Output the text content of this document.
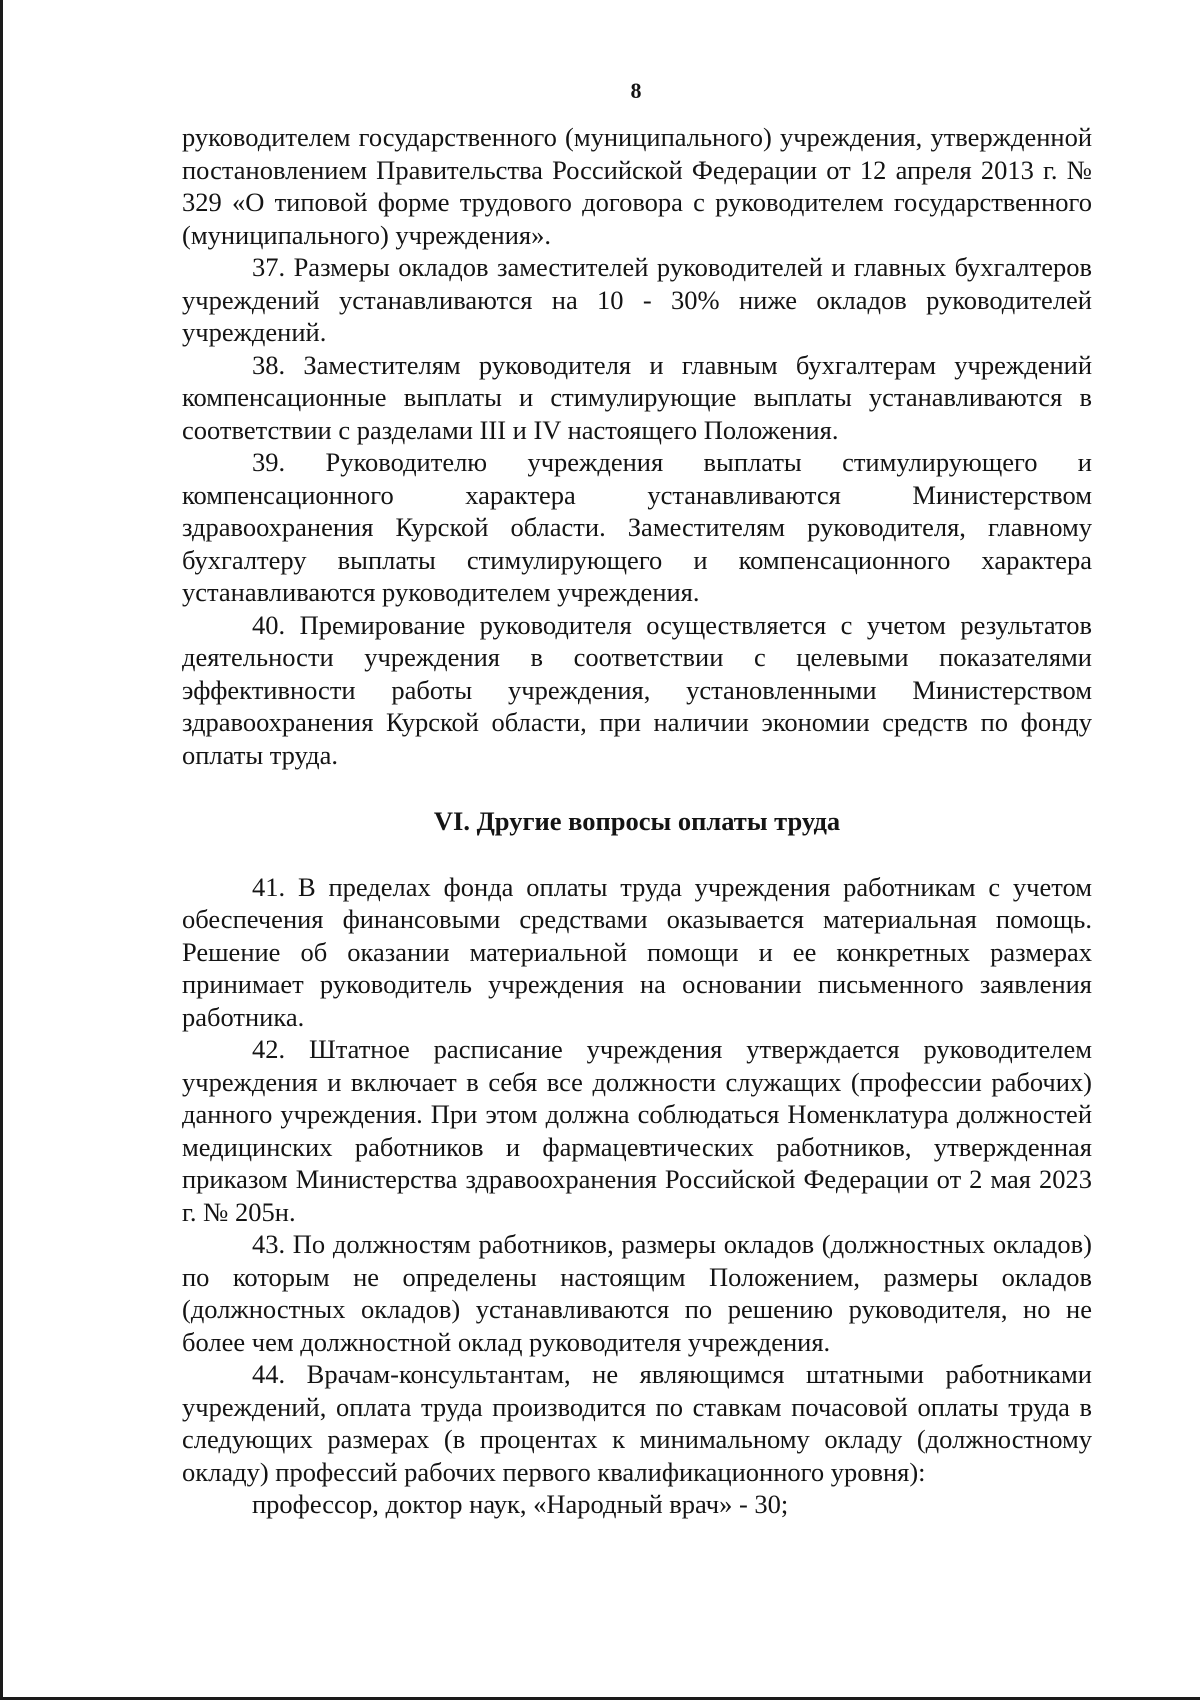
8

руководителем государственного (муниципального) учреждения, утвержденной постановлением Правительства Российской Федерации от 12 апреля 2013 г. № 329 «О типовой форме трудового договора с руководителем государственного (муниципального) учреждения».

37. Размеры окладов заместителей руководителей и главных бухгалтеров учреждений устанавливаются на 10 - 30% ниже окладов руководителей учреждений.

38. Заместителям руководителя и главным бухгалтерам учреждений компенсационные выплаты и стимулирующие выплаты устанавливаются в соответствии с разделами III и IV настоящего Положения.

39. Руководителю учреждения выплаты стимулирующего и компенсационного характера устанавливаются Министерством здравоохранения Курской области. Заместителям руководителя, главному бухгалтеру выплаты стимулирующего и компенсационного характера устанавливаются руководителем учреждения.

40. Премирование руководителя осуществляется с учетом результатов деятельности учреждения в соответствии с целевыми показателями эффективности работы учреждения, установленными Министерством здравоохранения Курской области, при наличии экономии средств по фонду оплаты труда.

VI. Другие вопросы оплаты труда

41. В пределах фонда оплаты труда учреждения работникам с учетом обеспечения финансовыми средствами оказывается материальная помощь. Решение об оказании материальной помощи и ее конкретных размерах принимает руководитель учреждения на основании письменного заявления работника.

42. Штатное расписание учреждения утверждается руководителем учреждения и включает в себя все должности служащих (профессии рабочих) данного учреждения. При этом должна соблюдаться Номенклатура должностей медицинских работников и фармацевтических работников, утвержденная приказом Министерства здравоохранения Российской Федерации от 2 мая 2023 г. № 205н.

43. По должностям работников, размеры окладов (должностных окладов) по которым не определены настоящим Положением, размеры окладов (должностных окладов) устанавливаются по решению руководителя, но не более чем должностной оклад руководителя учреждения.

44. Врачам-консультантам, не являющимся штатными работниками учреждений, оплата труда производится по ставкам почасовой оплаты труда в следующих размерах (в процентах к минимальному окладу (должностному окладу) профессий рабочих первого квалификационного уровня):

профессор, доктор наук, «Народный врач» - 30;
